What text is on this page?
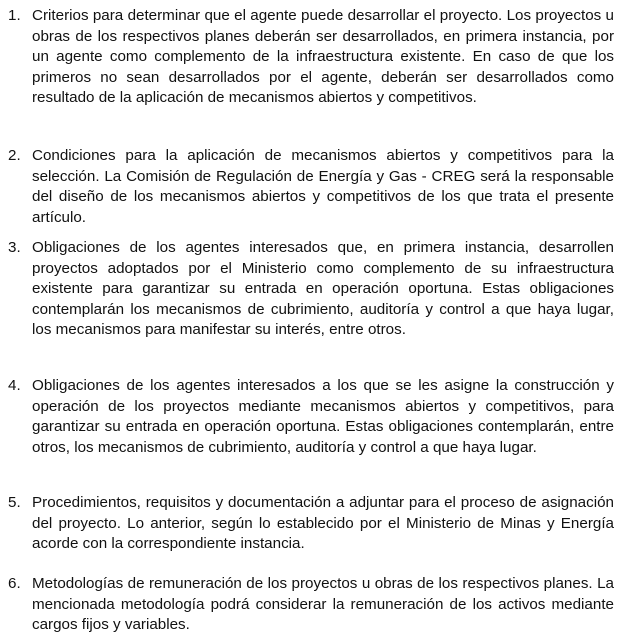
1. Criterios para determinar que el agente puede desarrollar el proyecto. Los proyectos u obras de los respectivos planes deberán ser desarrollados, en primera instancia, por un agente como complemento de la infraestructura existente. En caso de que los primeros no sean desarrollados por el agente, deberán ser desarrollados como resultado de la aplicación de mecanismos abiertos y competitivos.
2. Condiciones para la aplicación de mecanismos abiertos y competitivos para la selección. La Comisión de Regulación de Energía y Gas - CREG será la responsable del diseño de los mecanismos abiertos y competitivos de los que trata el presente artículo.
3. Obligaciones de los agentes interesados que, en primera instancia, desarrollen proyectos adoptados por el Ministerio como complemento de su infraestructura existente para garantizar su entrada en operación oportuna. Estas obligaciones contemplarán los mecanismos de cubrimiento, auditoría y control a que haya lugar, los mecanismos para manifestar su interés, entre otros.
4. Obligaciones de los agentes interesados a los que se les asigne la construcción y operación de los proyectos mediante mecanismos abiertos y competitivos, para garantizar su entrada en operación oportuna. Estas obligaciones contemplarán, entre otros, los mecanismos de cubrimiento, auditoría y control a que haya lugar.
5. Procedimientos, requisitos y documentación a adjuntar para el proceso de asignación del proyecto. Lo anterior, según lo establecido por el Ministerio de Minas y Energía acorde con la correspondiente instancia.
6. Metodologías de remuneración de los proyectos u obras de los respectivos planes. La mencionada metodología podrá considerar la remuneración de los activos mediante cargos fijos y variables.
